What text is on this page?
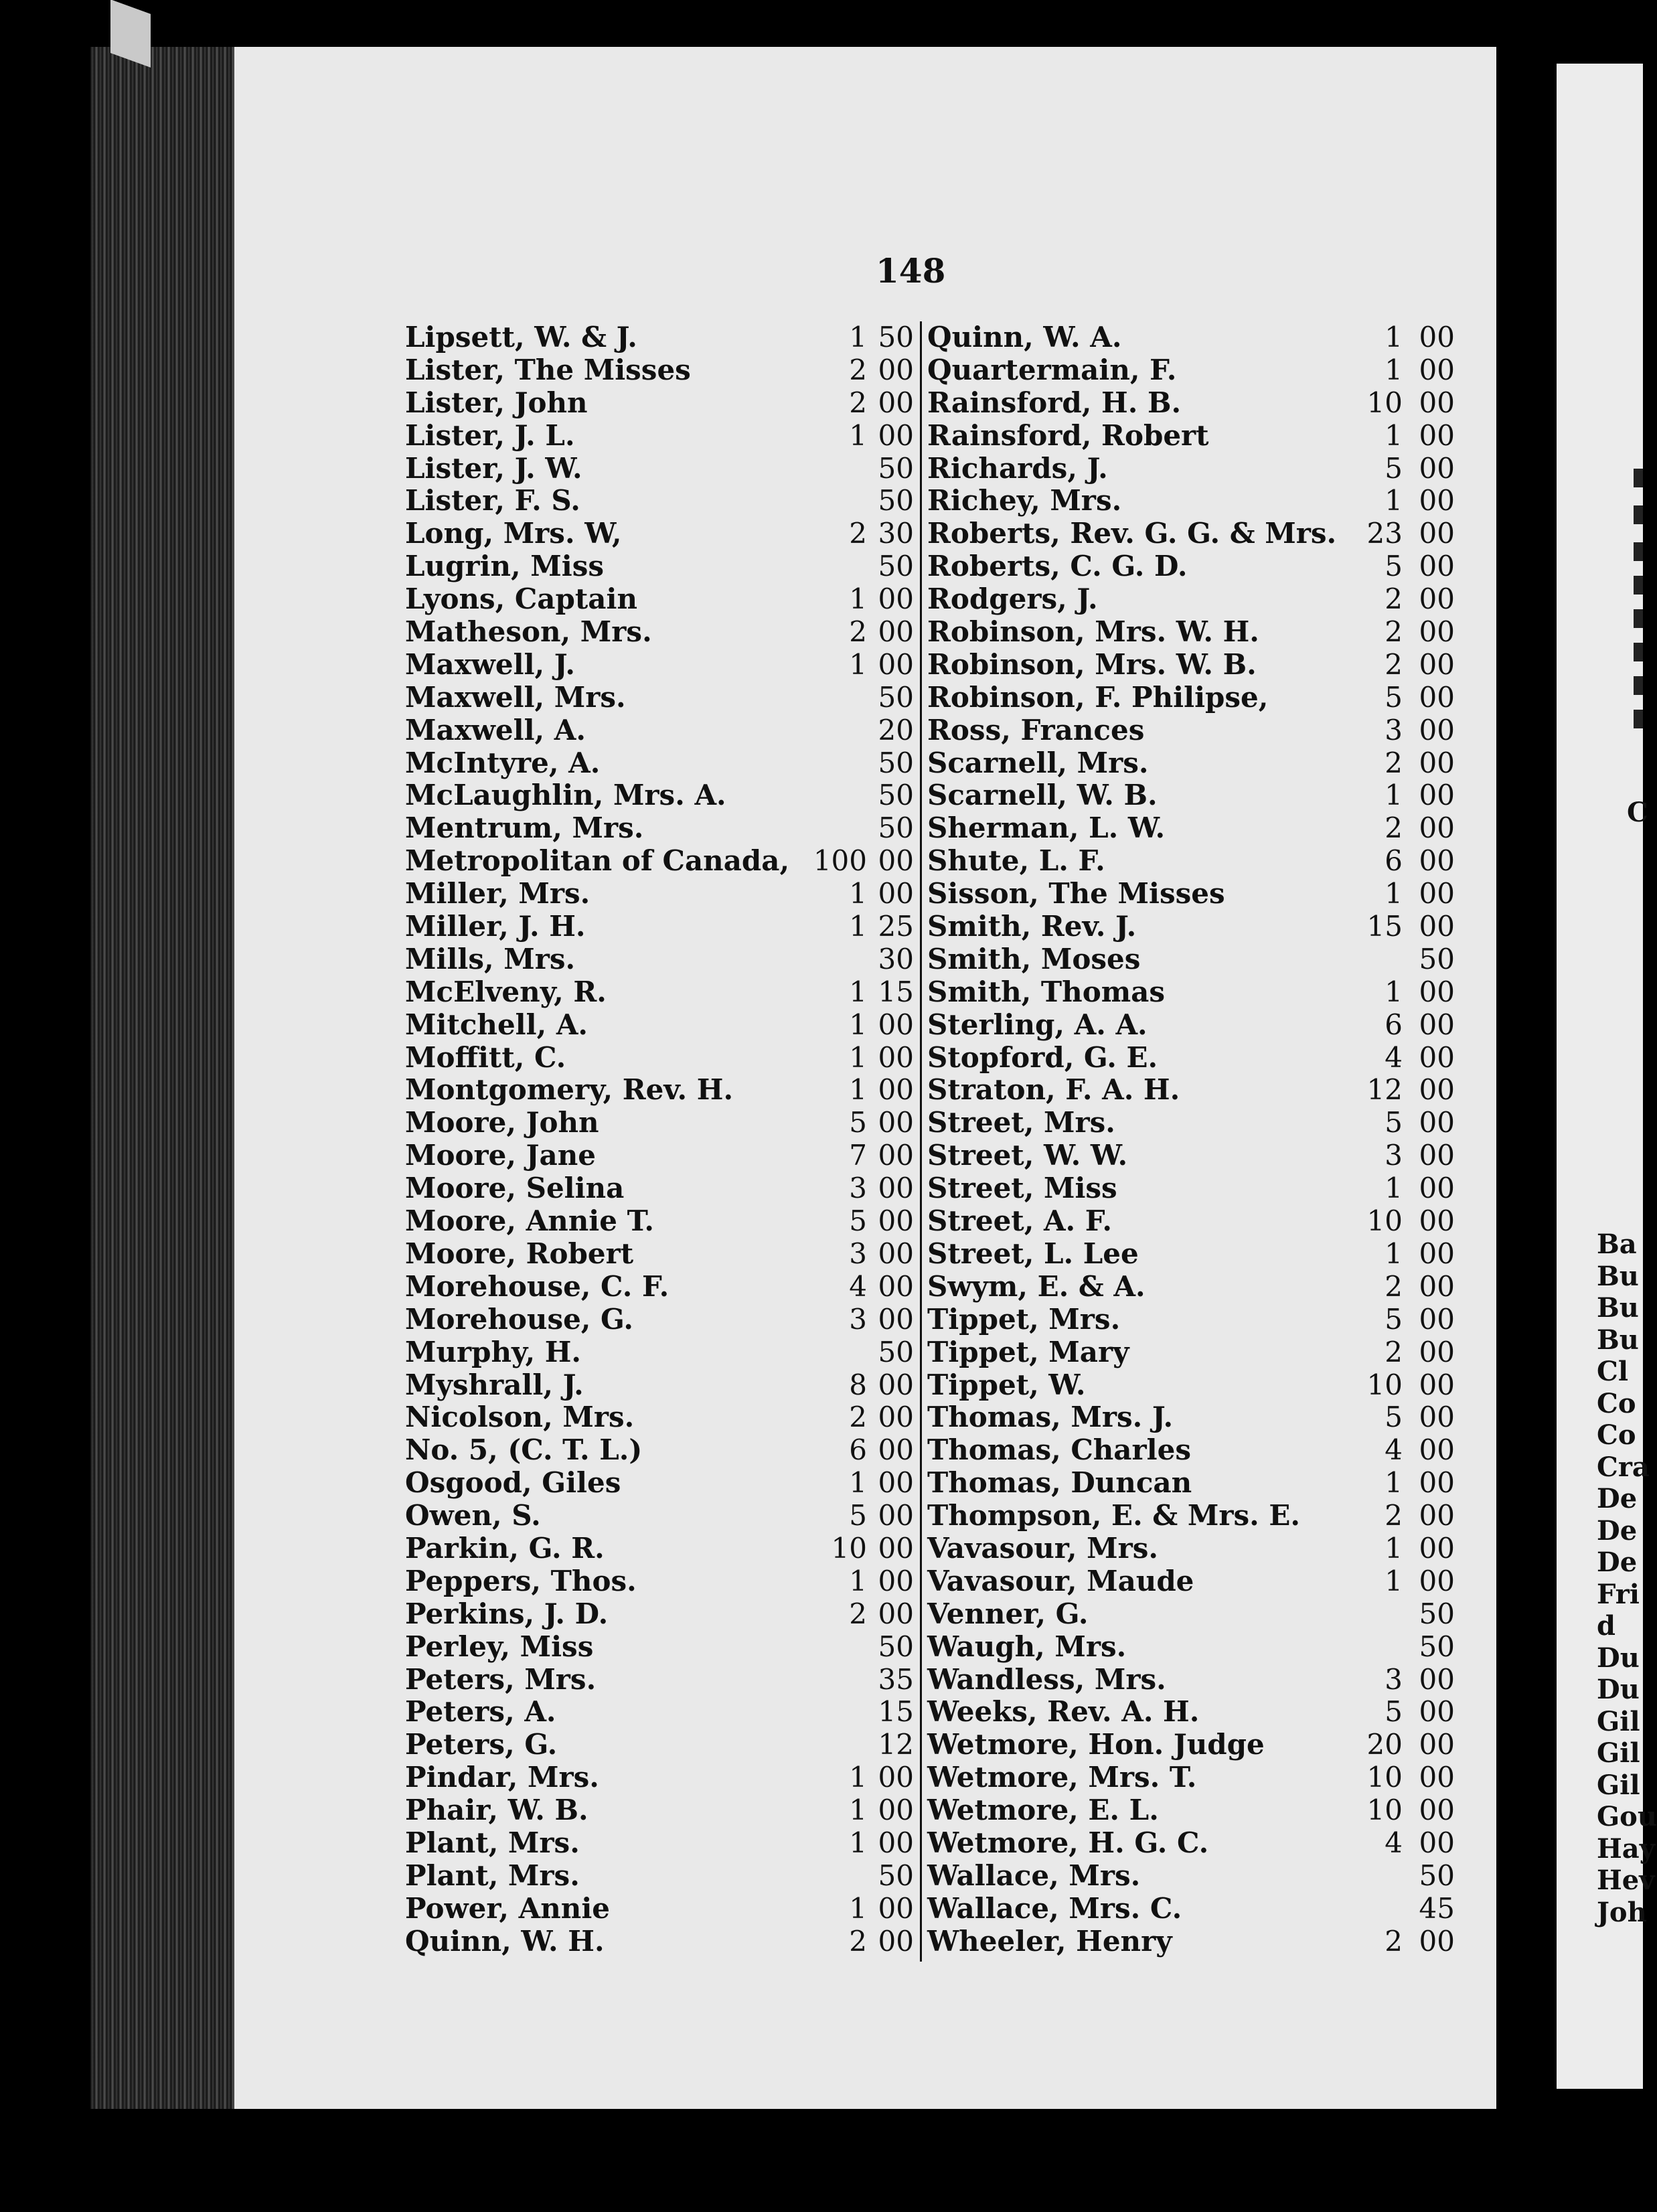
148
Lipsett, W. & J.	1 50
Lister, The Misses	2 00
Lister, John	2 00
Lister, J. L.	1 00
Lister, J. W.	50
Lister, F. S.	50
Long, Mrs. W,	2 30
Lugrin, Miss	50
Lyons, Captain	1 00
Matheson, Mrs.	2 00
Maxwell, J.	1 00
Maxwell, Mrs.	50
Maxwell, A.	20
McIntyre, A.	50
McLaughlin, Mrs. A.	50
Mentrum, Mrs.	50
Metropolitan of Canada, 100 00
Miller, Mrs.	1 00
Miller, J. H.	1 25
Mills, Mrs.	30
McElveny, R.	1 15
Mitchell, A.	1 00
Moffitt, C.	1 00
Montgomery, Rev. H.	1 00
Moore, John	5 00
Moore, Jane	7 00
Moore, Selina	3 00
Moore, Annie T.	5 00
Moore, Robert	3 00
Morehouse, C. F.	4 00
Morehouse, G.	3 00
Murphy, H.	50
Myshrall, J.	8 00
Nicolson, Mrs.	2 00
No. 5, (C. T. L.)	6 00
Osgood, Giles	1 00
Owen, S.	5 00
Parkin, G. R.	10 00
Peppers, Thos.	1 00
Perkins, J. D.	2 00
Perley, Miss	50
Peters, Mrs.	35
Peters, A.	15
Peters, G.	12
Pindar, Mrs.	1 00
Phair, W. B.	1 00
Plant, Mrs.	1 00
Plant, Mrs.	50
Power, Annie	1 00
Quinn, W. H.	2 00
Quinn, W. A.	1 00
Quartermain, F.	1 00
Rainsford, H. B.	10 00
Rainsford, Robert	1 00
Richards, J.	5 00
Richey, Mrs.	1 00
Roberts, Rev. G. G. & Mrs. 23 00
Roberts, C. G. D.	5 00
Rodgers, J.	2 00
Robinson, Mrs. W. H.	2 00
Robinson, Mrs. W. B.	2 00
Robinson, F. Philipse,	5 00
Ross, Frances	3 00
Scarnell, Mrs.	2 00
Scarnell, W. B.	1 00
Sherman, L. W.	2 00
Shute, L. F.	6 00
Sisson, The Misses	1 00
Smith, Rev. J.	15 00
Smith, Moses	50
Smith, Thomas	1 00
Sterling, A. A.	6 00
Stopford, G. E.	4 00
Straton, F. A. H.	12 00
Street, Mrs.	5 00
Street, W. W.	3 00
Street, Miss	1 00
Street, A. F.	10 00
Street, L. Lee	1 00
Swym, E. & A.	2 00
Tippet, Mrs.	5 00
Tippet, Mary	2 00
Tippet, W.	10 00
Thomas, Mrs. J.	5 00
Thomas, Charles	4 00
Thomas, Duncan	1 00
Thompson, E. & Mrs. E.	2 00
Vavasour, Mrs.	1 00
Vavasour, Maude	1 00
Venner, G.	50
Waugh, Mrs.	50
Wandless, Mrs.	3 00
Weeks, Rev. A. H.	5 00
Wetmore, Hon. Judge	20 00
Wetmore, Mrs. T.	10 00
Wetmore, E. L.	10 00
Wetmore, H. G. C.	4 00
Wallace, Mrs.	50
Wallace, Mrs. C.	45
Wheeler, Henry	2 00
Ba
Bu
Bu
Bu
Cl
Co
Co
Cra
De
De
De
Fri
d
Du
Du
Gil
Gil
Gil
Gou
Hay
Hev
Joh
C
